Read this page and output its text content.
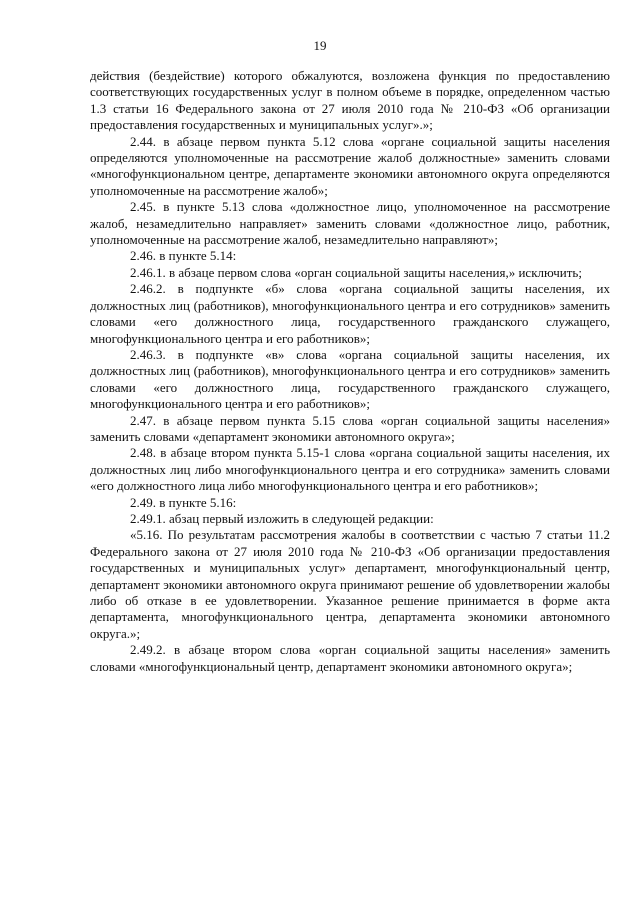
19

действия (бездействие) которого обжалуются, возложена функция по предоставлению соответствующих государственных услуг в полном объеме в порядке, определенном частью 1.3 статьи 16 Федерального закона от 27 июля 2010 года № 210-ФЗ «Об организации предоставления государственных и муниципальных услуг».»;

2.44. в абзаце первом пункта 5.12 слова «органе социальной защиты населения определяются уполномоченные на рассмотрение жалоб должностные» заменить словами «многофункциональном центре, департаменте экономики автономного округа определяются уполномоченные на рассмотрение жалоб»;

2.45. в пункте 5.13 слова «должностное лицо, уполномоченное на рассмотрение жалоб, незамедлительно направляет» заменить словами «должностное лицо, работник, уполномоченные на рассмотрение жалоб, незамедлительно направляют»;

2.46. в пункте 5.14:

2.46.1. в абзаце первом слова «орган социальной защиты населения,» исключить;

2.46.2. в подпункте «б» слова «органа социальной защиты населения, их должностных лиц (работников), многофункционального центра и его сотрудников» заменить словами «его должностного лица, государственного гражданского служащего, многофункционального центра и его работников»;

2.46.3. в подпункте «в» слова «органа социальной защиты населения, их должностных лиц (работников), многофункционального центра и его сотрудников» заменить словами «его должностного лица, государственного гражданского служащего, многофункционального центра и его работников»;

2.47. в абзаце первом пункта 5.15 слова «орган социальной защиты населения» заменить словами «департамент экономики автономного округа»;

2.48. в абзаце втором пункта 5.15-1 слова «органа социальной защиты населения, их должностных лиц либо многофункционального центра и его сотрудника» заменить словами «его должностного лица либо многофункционального центра и его работников»;

2.49. в пункте 5.16:

2.49.1. абзац первый изложить в следующей редакции:

«5.16. По результатам рассмотрения жалобы в соответствии с частью 7 статьи 11.2 Федерального закона от 27 июля 2010 года № 210-ФЗ «Об организации предоставления государственных и муниципальных услуг» департамент, многофункциональный центр, департамент экономики автономного округа принимают решение об удовлетворении жалобы либо об отказе в ее удовлетворении. Указанное решение принимается в форме акта департамента, многофункционального центра, департамента экономики автономного округа.»;

2.49.2. в абзаце втором слова «орган социальной защиты населения» заменить словами «многофункциональный центр, департамент экономики автономного округа»;
